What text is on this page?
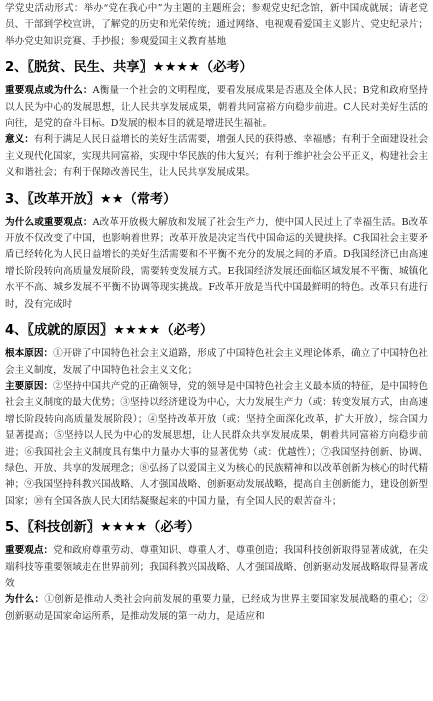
学党史活动形式：举办“党在我心中”为主题的主题班会；参观党史纪念馆，新中国成就展；请老党员、干部到学校宣讲，了解党的历史和光荣传统；通过网络、电视观看爱国主义影片、党史纪录片；举办党史知识竞赛、手抄报；参观爱国主义教育基地

2、〖脱贫、民生、共享〗★★★★（必考）

重要观点或为什么：A衡量一个社会的文明程度，要看发展成果是否惠及全体人民；B党和政府坚持以人民为中心的发展思想，让人民共享发展成果，朝着共同富裕方向稳步前进。C人民对美好生活的向往，是党的奋斗目标。D发展的根本目的就是增进民生福祉。

意义：有利于满足人民日益增长的美好生活需要，增强人民的获得感、幸福感；有利于全面建设社会主义现代化国家，实现共同富裕，实现中华民族的伟大复兴；有利于维护社会公平正义，构建社会主义和谐社会；有利于保障改善民生，让人民共享发展成果。

3、〖改革开放〗★★（常考）

为什么或重要观点：A改革开放极大解放和发展了社会生产力，使中国人民过上了幸福生活。B改革开放不仅改变了中国，也影响着世界；改革开放是决定当代中国命运的关键抉择。C我国社会主要矛盾已经转化为人民日益增长的美好生活需要和不平衡不充分的发展之间的矛盾。D我国经济已由高速增长阶段转向高质量发展阶段，需要转变发展方式。E我国经济发展还面临区域发展不平衡、城镇化水平不高、城乡发展不平衡不协调等现实挑战。F改革开放是当代中国最鲜明的特色。改革只有进行时，没有完成时

4、〖成就的原因〗★★★★（必考）

根本原因：①开辟了中国特色社会主义道路，形成了中国特色社会主义理论体系，确立了中国特色社会主义制度，发展了中国特色社会主义文化；

主要原因：②坚持中国共产党的正确领导，党的领导是中国特色社会主义最本质的特征，是中国特色社会主义制度的最大优势；③坚持以经济建设为中心，大力发展生产力（或：转变发展方式，由高速增长阶段转向高质量发展阶段）；④坚持改革开放（或：坚持全面深化改革，扩大开放），综合国力显著提高；⑤坚持以人民为中心的发展思想，让人民群众共享发展成果，朝着共同富裕方向稳步前进；⑥我国社会主义制度具有集中力量办大事的显著优势（或：优越性）；⑦我国坚持创新、协调、绿色、开放、共享的发展理念；⑧弘扬了以爱国主义为核心的民族精神和以改革创新为核心的时代精神；⑨我国坚持科教兴国战略、人才强国战略、创新驱动发展战略，提高自主创新能力，建设创新型国家；⑩有全国各族人民大团结凝聚起来的中国力量，有全国人民的艰苦奋斗；

5、〖科技创新〗★★★★（必考）

重要观点：党和政府尊重劳动、尊重知识、尊重人才、尊重创造；我国科技创新取得显著成就，在尖端科技等重要领域走在世界前列；我国科教兴国战略、人才强国战略、创新驱动发展战略取得显著成效

为什么：①创新是推动人类社会向前发展的重要力量，已经成为世界主要国家发展战略的重心；②创新驱动是国家命运所系，是推动发展的第一动力，是适应和
